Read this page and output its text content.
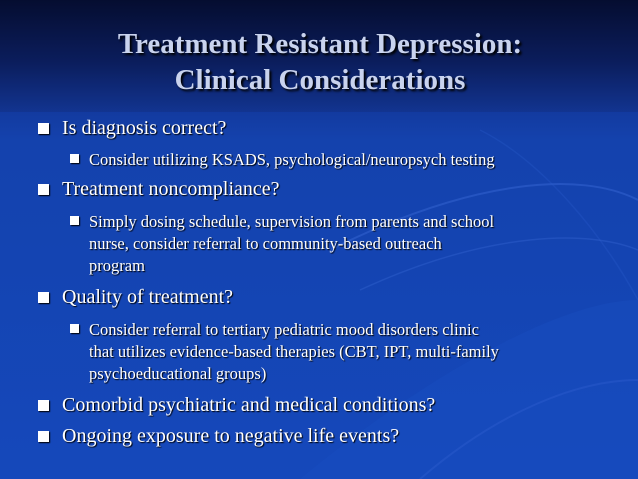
Treatment Resistant Depression:
Clinical Considerations
Is diagnosis correct?
Consider utilizing KSADS, psychological/neuropsych testing
Treatment noncompliance?
Simply dosing schedule, supervision from parents and school
nurse, consider referral to community-based outreach
program
Quality of treatment?
Consider referral to tertiary pediatric mood disorders clinic
that utilizes evidence-based therapies (CBT, IPT, multi-family
psychoeducational groups)
Comorbid psychiatric and medical conditions?
Ongoing exposure to negative life events?
